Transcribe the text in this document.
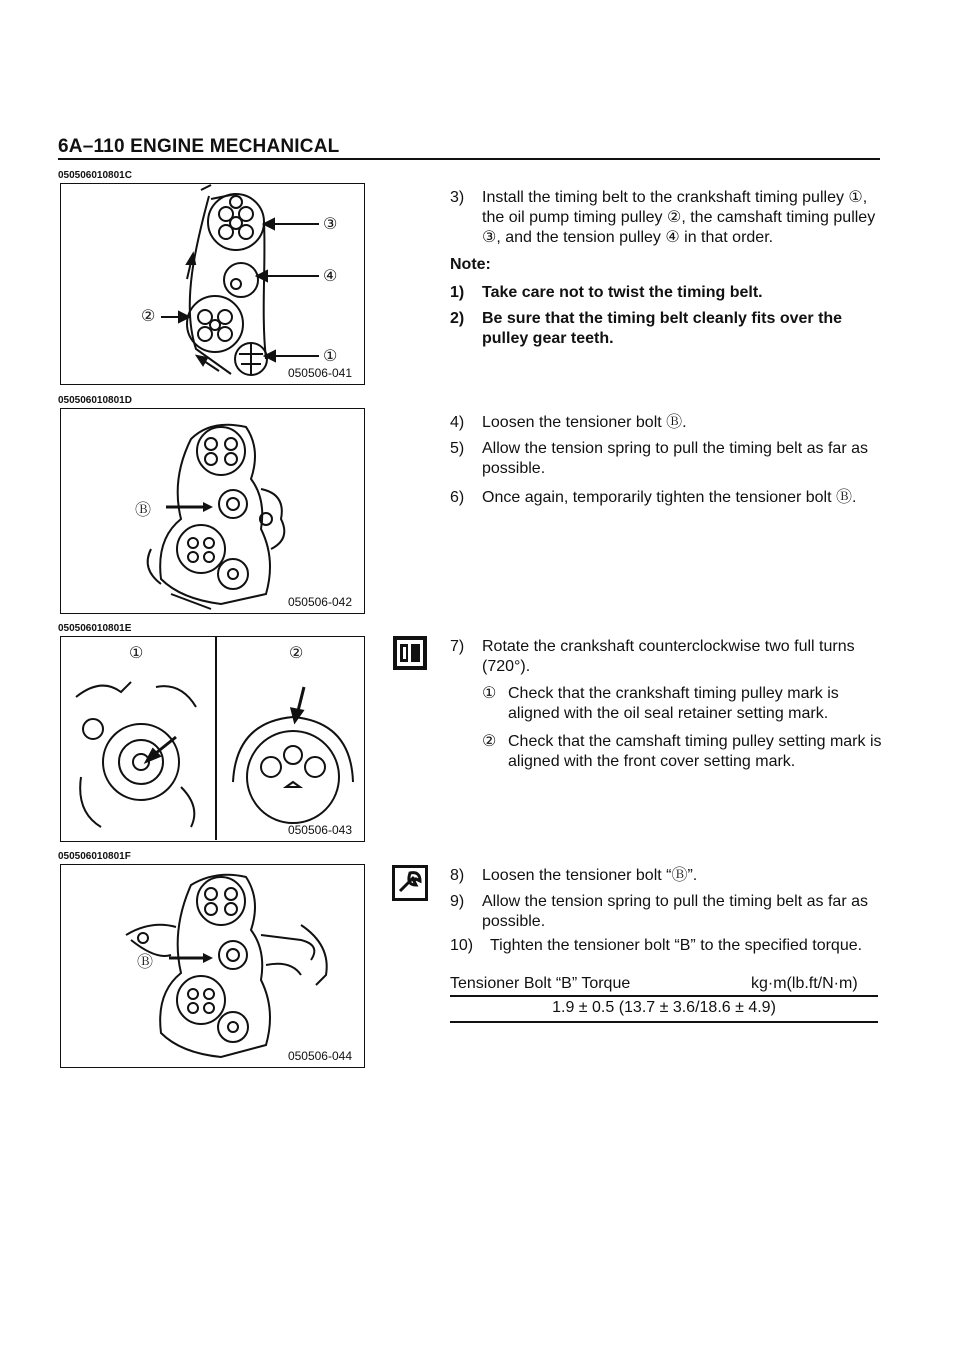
6A–110 ENGINE MECHANICAL
050506010801C
③
④
②
①
050506-041
050506010801D
Ⓑ
050506-042
050506010801E
①	②
050506-043
050506010801F
Ⓑ
050506-044
3) Install the timing belt to the crankshaft timing pulley ①, the oil pump timing pulley ②, the camshaft timing pulley ③, and the tension pulley ④ in that order.
Note:
1) Take care not to twist the timing belt.
2) Be sure that the timing belt cleanly fits over the pulley gear teeth.
4) Loosen the tensioner bolt Ⓑ.
5) Allow the tension spring to pull the timing belt as far as possible.
6) Once again, temporarily tighten the tensioner bolt Ⓑ.
7) Rotate the crankshaft counterclockwise two full turns (720°).
① Check that the crankshaft timing pulley mark is aligned with the oil seal retainer setting mark.
② Check that the camshaft timing pulley setting mark is aligned with the front cover setting mark.
8) Loosen the tensioner bolt “Ⓑ”.
9) Allow the tension spring to pull the timing belt as far as possible.
10) Tighten the tensioner bolt “B” to the specified torque.
Tensioner Bolt “B” Torque	kg·m(lb.ft/N·m)
1.9 ± 0.5 (13.7 ± 3.6/18.6 ± 4.9)
